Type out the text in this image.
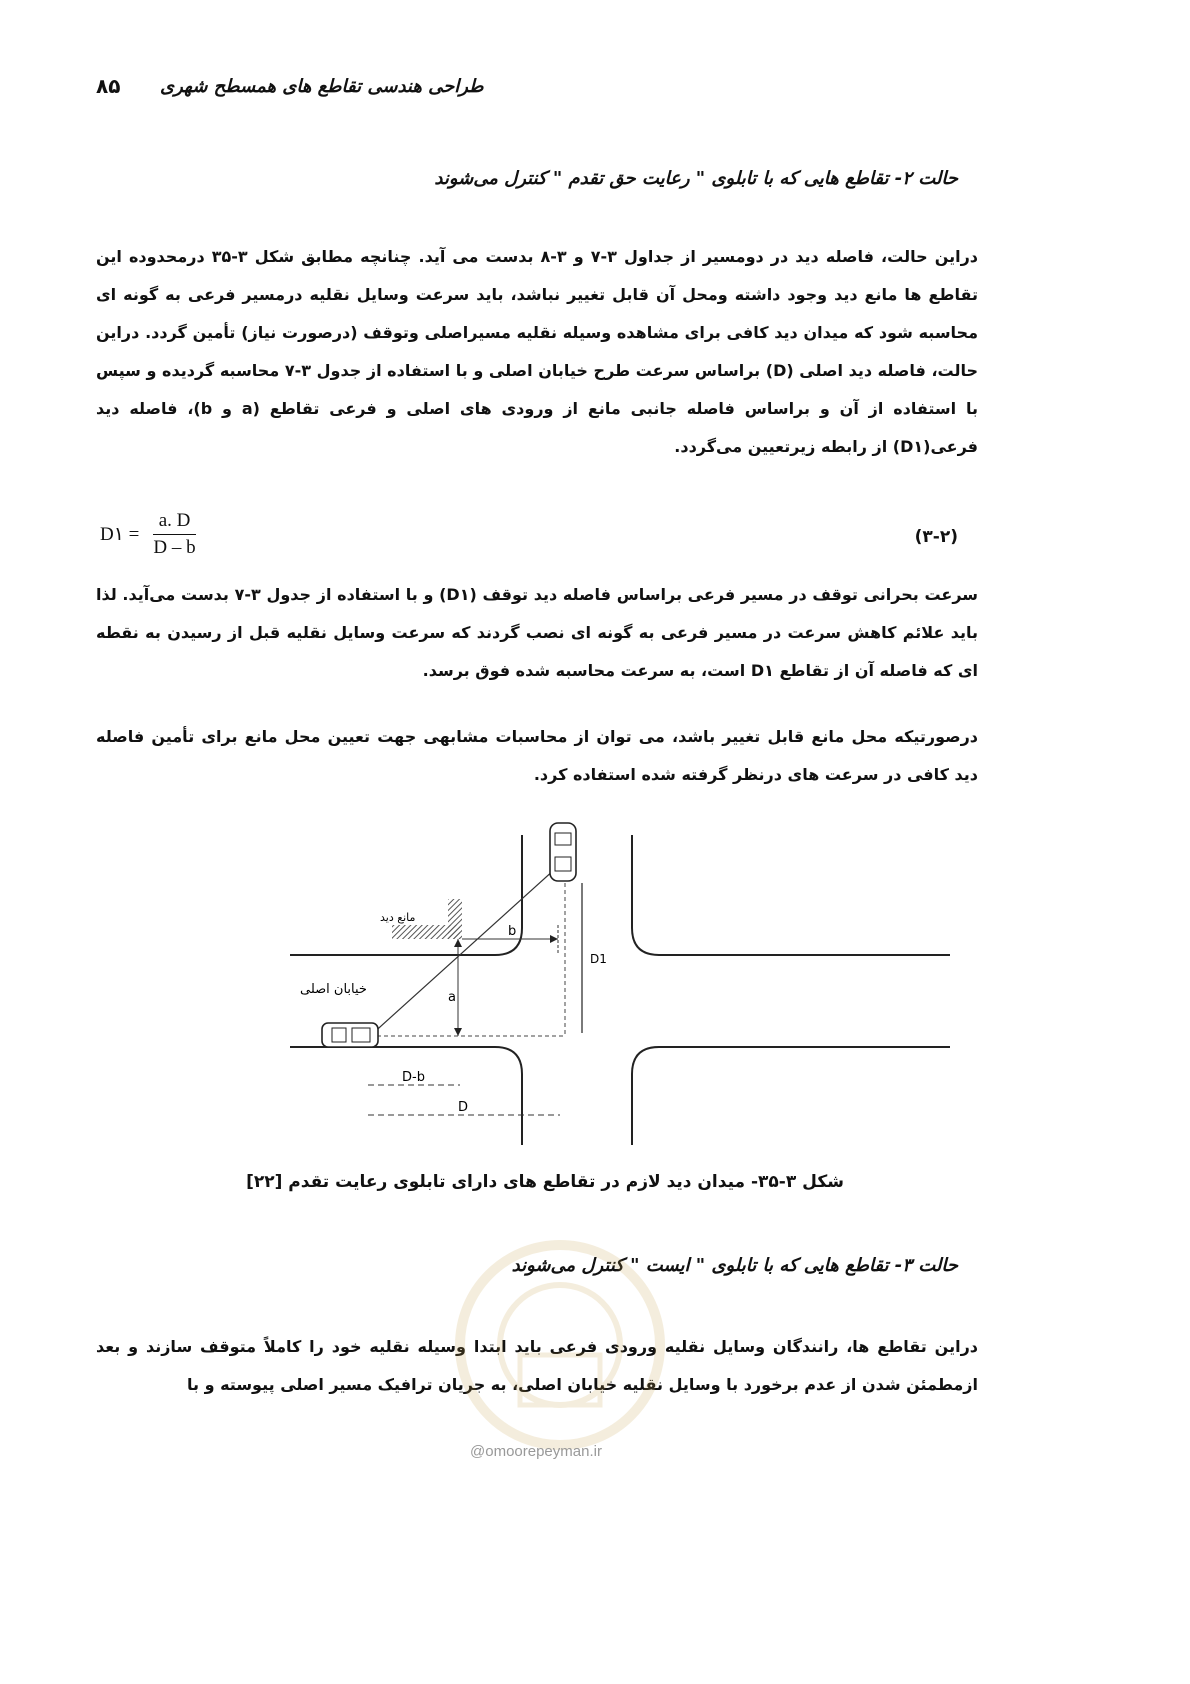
۸۵ طراحی هندسی تقاطع های همسطح شهری
حالت ۲- تقاطع هایی که با تابلوی " رعایت حق تقدم " کنترل می‌شوند
دراین حالت، فاصله دید در دومسیر از جداول ۳-۷ و ۳-۸ بدست می آید. چنانچه مطابق شکل ۳-۳۵ درمحدوده این تقاطع ها مانع دید وجود داشته ومحل آن قابل تغییر نباشد، باید سرعت وسایل نقلیه درمسیر فرعی به گونه ای محاسبه شود که میدان دید کافی برای مشاهده وسیله نقلیه مسیراصلی وتوقف (درصورت نیاز) تأمین گردد. دراین حالت، فاصله دید اصلی (D) براساس سرعت طرح خیابان اصلی و با استفاده از جدول ۳-۷ محاسبه گردیده و سپس با استفاده از آن و براساس فاصله جانبی مانع از ورودی های اصلی و فرعی تقاطع (a و b)، فاصله دید فرعی(D۱) از رابطه زیرتعیین می‌گردد.
D۱ = $\frac{a. D}{D - b}$	(۳-۲)
سرعت بحرانی توقف در مسیر فرعی براساس فاصله دید توقف (D۱) و با استفاده از جدول ۳-۷ بدست می‌آید. لذا باید علائم کاهش سرعت در مسیر فرعی به گونه ای نصب گردند که سرعت وسایل نقلیه قبل از رسیدن به نقطه ای که فاصله آن از تقاطع D۱ است، به سرعت محاسبه شده فوق برسد.
درصورتیکه محل مانع قابل تغییر باشد، می توان از محاسبات مشابهی جهت تعیین محل مانع برای تأمین فاصله دید کافی در سرعت های درنظر گرفته شده استفاده کرد.
مانع دید
a
b
D1
خیابان اصلی
D-b
D
شکل ۳-۳۵- میدان دید لازم در تقاطع های دارای تابلوی رعایت تقدم [۲۲]
حالت ۳- تقاطع هایی که با تابلوی " ایست " کنترل می‌شوند
دراین تقاطع ها، رانندگان وسایل نقلیه ورودی فرعی باید ابتدا وسیله نقلیه خود را کاملاً متوقف سازند و بعد ازمطمئن شدن از عدم برخورد با وسایل نقلیه خیابان اصلی، به جریان ترافیک مسیر اصلی پیوسته و با
@omoorepeyman.ir
